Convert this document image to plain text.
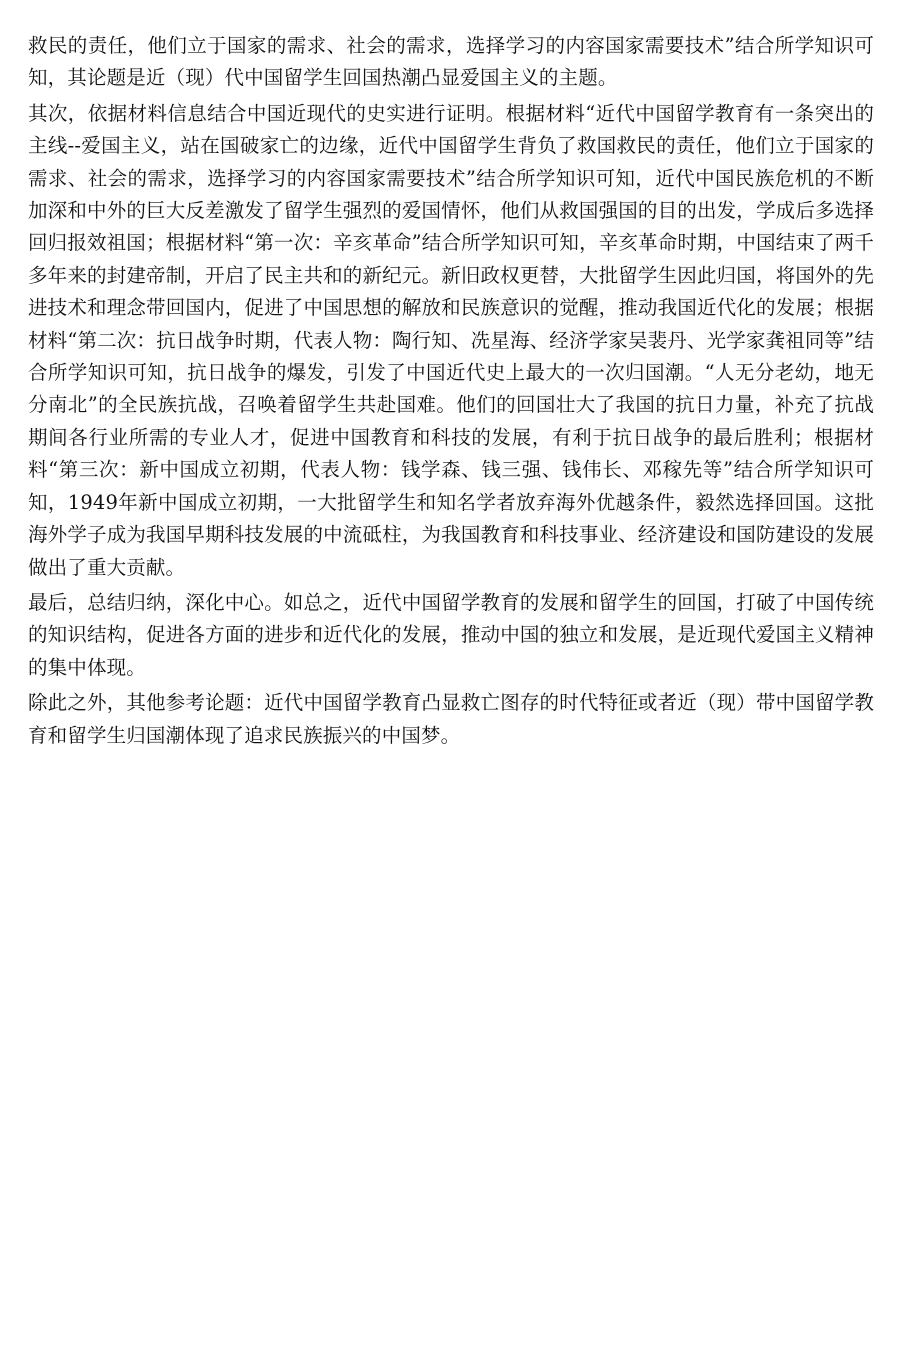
救民的责任，他们立于国家的需求、社会的需求，选择学习的内容国家需要技术”结合所学知识可知，其论题是近（现）代中国留学生回国热潮凸显爱国主义的主题。

其次，依据材料信息结合中国近现代的史实进行证明。根据材料“近代中国留学教育有一条突出的主线--爱国主义，站在国破家亡的边缘，近代中国留学生背负了救国救民的责任，他们立于国家的需求、社会的需求，选择学习的内容国家需要技术”结合所学知识可知，近代中国民族危机的不断加深和中外的巨大反差激发了留学生强烈的爱国情怀，他们从救国强国的目的出发，学成后多选择回归报效祖国；根据材料“第一次：辛亥革命”结合所学知识可知，辛亥革命时期，中国结束了两千多年来的封建帝制，开启了民主共和的新纪元。新旧政权更替，大批留学生因此归国，将国外的先进技术和理念带回国内，促进了中国思想的解放和民族意识的觉醒，推动我国近代化的发展；根据材料“第二次：抗日战争时期，代表人物：陶行知、冼星海、经济学家吴裴丹、光学家龚祖同等”结合所学知识可知，抗日战争的爆发，引发了中国近代史上最大的一次归国潮。“人无分老幼，地无分南北”的全民族抗战，召唤着留学生共赴国难。他们的回国壮大了我国的抗日力量，补充了抗战期间各行业所需的专业人才，促进中国教育和科技的发展，有利于抗日战争的最后胜利；根据材料“第三次：新中国成立初期，代表人物：钱学森、钱三强、钱伟长、邓稼先等”结合所学知识可知，1949年新中国成立初期，一大批留学生和知名学者放弃海外优越条件，毅然选择回国。这批海外学子成为我国早期科技发展的中流砥柱，为我国教育和科技事业、经济建设和国防建设的发展做出了重大贡献。

最后，总结归纳，深化中心。如总之，近代中国留学教育的发展和留学生的回国，打破了中国传统的知识结构，促进各方面的进步和近代化的发展，推动中国的独立和发展，是近现代爱国主义精神的集中体现。

除此之外，其他参考论题：近代中国留学教育凸显救亡图存的时代特征或者近（现）带中国留学教育和留学生归国潮体现了追求民族振兴的中国梦。
